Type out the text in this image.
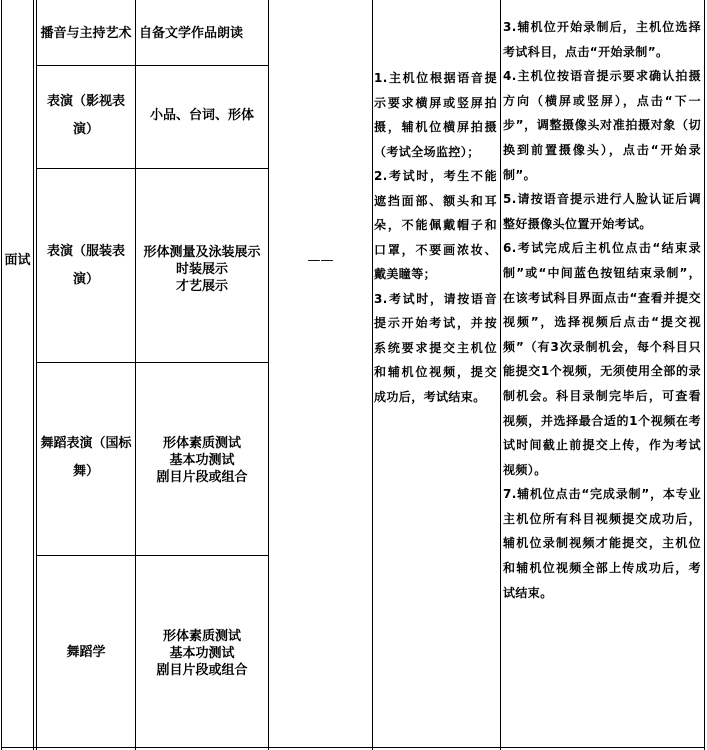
面试
播音与主持艺术 自备文学作品朗读
表演（影视表演）
小品、台词、形体
表演（服装表演）
形体测量及泳装展示
时装展示
才艺展示
——
舞蹈表演（国标舞）
形体素质测试
基本功测试
剧目片段或组合
舞蹈学
形体素质测试
基本功测试
剧目片段或组合
1.主机位根据语音提示要求横屏或竖屏拍摄，辅机位横屏拍摄（考试全场监控）；
2.考试时，考生不能遮挡面部、额头和耳朵，不能佩戴帽子和口罩，不要画浓妆、戴美瞳等；
3.考试时，请按语音提示开始考试，并按系统要求提交主机位和辅机位视频，提交成功后，考试结束。
3.辅机位开始录制后，主机位选择考试科目，点击“开始录制”。
4.主机位按语音提示要求确认拍摄方向（横屏或竖屏），点击“下一步”，调整摄像头对准拍摄对象（切换到前置摄像头），点击“开始录制”。
5.请按语音提示进行人脸认证后调整好摄像头位置开始考试。
6.考试完成后主机位点击“结束录制”或“中间蓝色按钮结束录制”，在该考试科目界面点击“查看并提交视频”，选择视频后点击“提交视频”（有3次录制机会，每个科目只能提交1个视频，无须使用全部的录制机会。科目录制完毕后，可查看视频，并选择最合适的1个视频在考试时间截止前提交上传，作为考试视频）。
7.辅机位点击“完成录制”，本专业主机位所有科目视频提交成功后，辅机位录制视频才能提交，主机位和辅机位视频全部上传成功后，考试结束。
